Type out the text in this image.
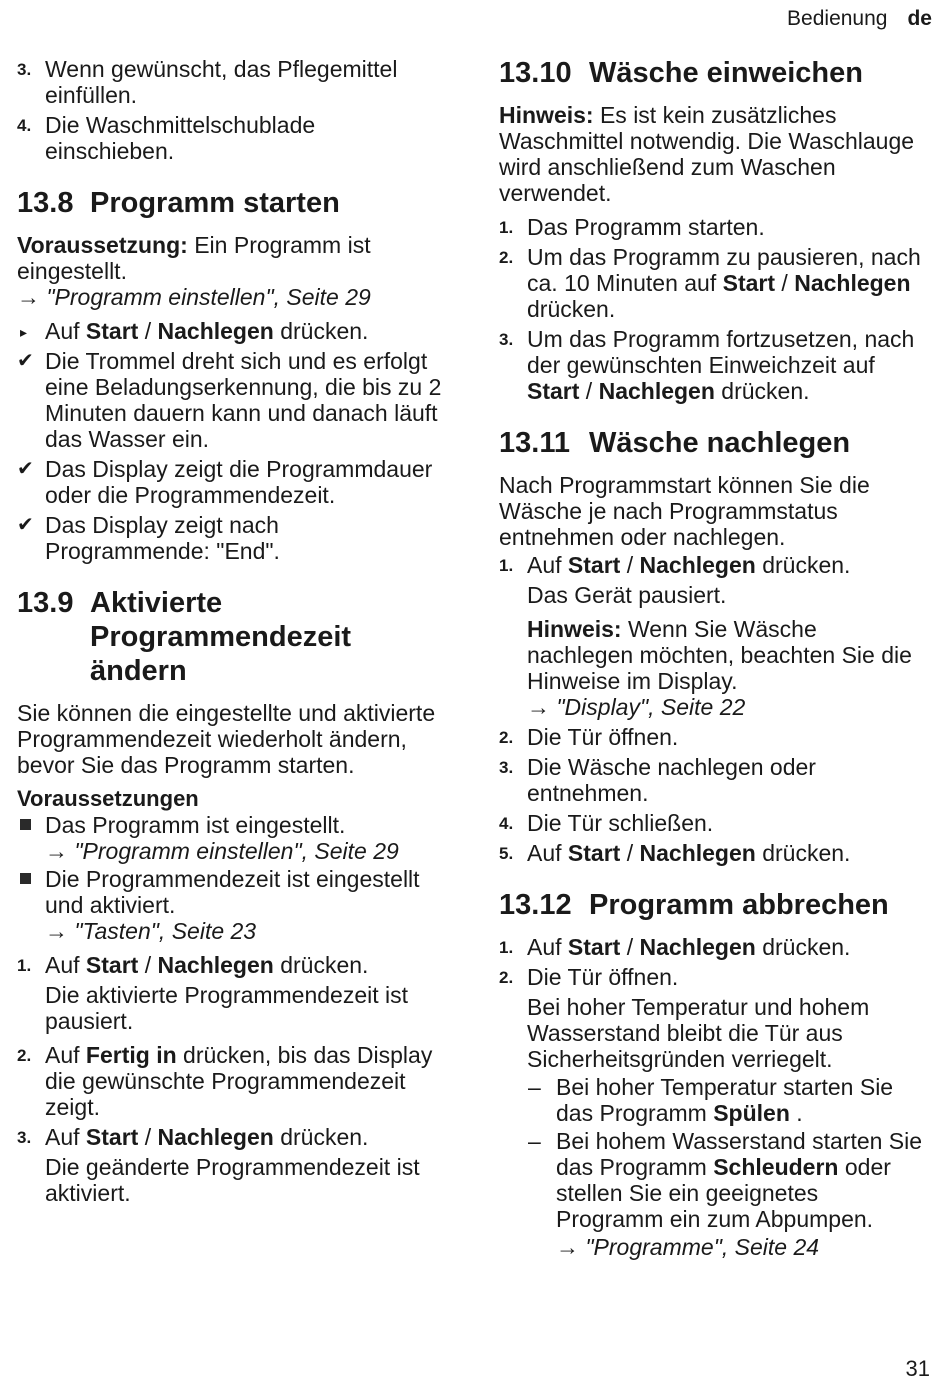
Bedienung de
3. Wenn gewünscht, das Pflegemittel einfüllen.
4. Die Waschmittelschublade einschieben.
13.8 Programm starten

Voraussetzung: Ein Programm ist eingestellt.

→ "Programm einstellen", Seite 29

▸ Auf Start / Nachlegen drücken.
✔ Die Trommel dreht sich und es erfolgt eine Beladungserkennung, die bis zu 2 Minuten dauern kann und danach läuft das Wasser ein.
✔ Das Display zeigt die Programmdauer oder die Programmendezeit.
✔ Das Display zeigt nach Programmende: "End".
13.9 Aktivierte Programmendezeit ändern

Sie können die eingestellte und aktivierte Programmendezeit wiederholt ändern, bevor Sie das Programm starten.

Voraussetzungen

Das Programm ist eingestellt.

→ "Programm einstellen", Seite 29

Die Programmendezeit ist eingestellt und aktiviert.

→ "Tasten", Seite 23

1. Auf Start / Nachlegen drücken.

Die aktivierte Programmendezeit ist pausiert.

2. Auf Fertig in drücken, bis das Display die gewünschte Programmendezeit zeigt.
3. Auf Start / Nachlegen drücken.

Die geänderte Programmendezeit ist aktiviert.

13.10 Wäsche einweichen

Hinweis: Es ist kein zusätzliches Waschmittel notwendig. Die Waschlauge wird anschließend zum Waschen verwendet.

1. Das Programm starten.
2. Um das Programm zu pausieren, nach ca. 10 Minuten auf Start / Nachlegen drücken.
3. Um das Programm fortzusetzen, nach der gewünschten Einweichzeit auf Start / Nachlegen drücken.
13.11 Wäsche nachlegen

Nach Programmstart können Sie die Wäsche je nach Programmstatus entnehmen oder nachlegen.

1. Auf Start / Nachlegen drücken.

Das Gerät pausiert.

Hinweis: Wenn Sie Wäsche nachlegen möchten, beachten Sie die Hinweise im Display.

→ "Display", Seite 22

2. Die Tür öffnen.
3. Die Wäsche nachlegen oder entnehmen.
4. Die Tür schließen.
5. Auf Start / Nachlegen drücken.
13.12 Programm abbrechen
1. Auf Start / Nachlegen drücken.
2. Die Tür öffnen.

Bei hoher Temperatur und hohem Wasserstand bleibt die Tür aus Sicherheitsgründen verriegelt.

– Bei hoher Temperatur starten Sie das Programm Spülen .
– Bei hohem Wasserstand starten Sie das Programm Schleudern oder stellen Sie ein geeignetes Programm ein zum Abpumpen.

→ "Programme", Seite 24

31
